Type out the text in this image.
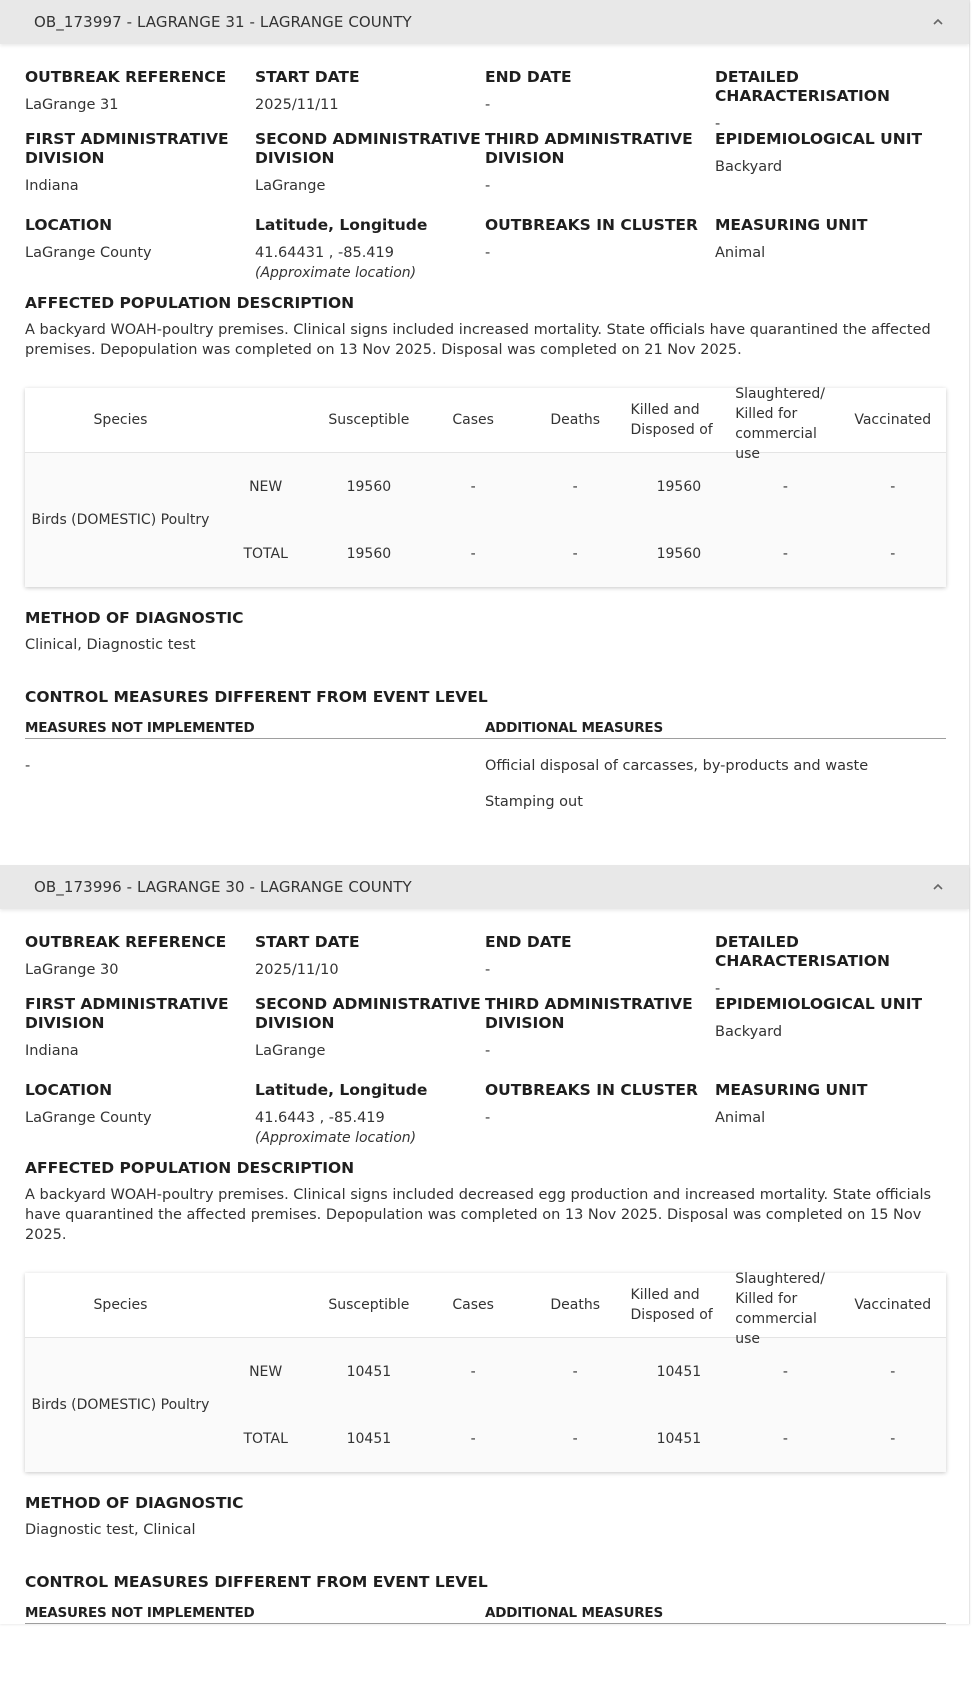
OB_173997 - LAGRANGE 31 - LAGRANGE COUNTY
OUTBREAK REFERENCE
LaGrange 31
START DATE
2025/11/11
END DATE
-
DETAILED CHARACTERISATION
-
FIRST ADMINISTRATIVE DIVISION
Indiana
SECOND ADMINISTRATIVE DIVISION
LaGrange
THIRD ADMINISTRATIVE DIVISION
-
EPIDEMIOLOGICAL UNIT
Backyard
LOCATION
LaGrange County
Latitude, Longitude
41.64431 , -85.419
(Approximate location)
OUTBREAKS IN CLUSTER
-
MEASURING UNIT
Animal
AFFECTED POPULATION DESCRIPTION
A backyard WOAH-poultry premises. Clinical signs included increased mortality. State officials have quarantined the affected premises. Depopulation was completed on 13 Nov 2025. Disposal was completed on 21 Nov 2025.
Species		Susceptible	Cases	Deaths	Killed and Disposed of	Slaughtered/ Killed for commercial use	Vaccinated
Birds (DOMESTIC) Poultry	NEW	19560	-	-	19560	-	-
	TOTAL	19560	-	-	19560	-	-
METHOD OF DIAGNOSTIC
Clinical, Diagnostic test
CONTROL MEASURES DIFFERENT FROM EVENT LEVEL
MEASURES NOT IMPLEMENTED
-
ADDITIONAL MEASURES
Official disposal of carcasses, by-products and waste
Stamping out
OB_173996 - LAGRANGE 30 - LAGRANGE COUNTY
OUTBREAK REFERENCE
LaGrange 30
START DATE
2025/11/10
END DATE
-
DETAILED CHARACTERISATION
-
FIRST ADMINISTRATIVE DIVISION
Indiana
SECOND ADMINISTRATIVE DIVISION
LaGrange
THIRD ADMINISTRATIVE DIVISION
-
EPIDEMIOLOGICAL UNIT
Backyard
LOCATION
LaGrange County
Latitude, Longitude
41.6443 , -85.419
(Approximate location)
OUTBREAKS IN CLUSTER
-
MEASURING UNIT
Animal
AFFECTED POPULATION DESCRIPTION
A backyard WOAH-poultry premises. Clinical signs included decreased egg production and increased mortality. State officials have quarantined the affected premises. Depopulation was completed on 13 Nov 2025. Disposal was completed on 15 Nov 2025.
Species		Susceptible	Cases	Deaths	Killed and Disposed of	Slaughtered/ Killed for commercial use	Vaccinated
Birds (DOMESTIC) Poultry	NEW	10451	-	-	10451	-	-
	TOTAL	10451	-	-	10451	-	-
METHOD OF DIAGNOSTIC
Diagnostic test, Clinical
CONTROL MEASURES DIFFERENT FROM EVENT LEVEL
MEASURES NOT IMPLEMENTED	ADDITIONAL MEASURES
